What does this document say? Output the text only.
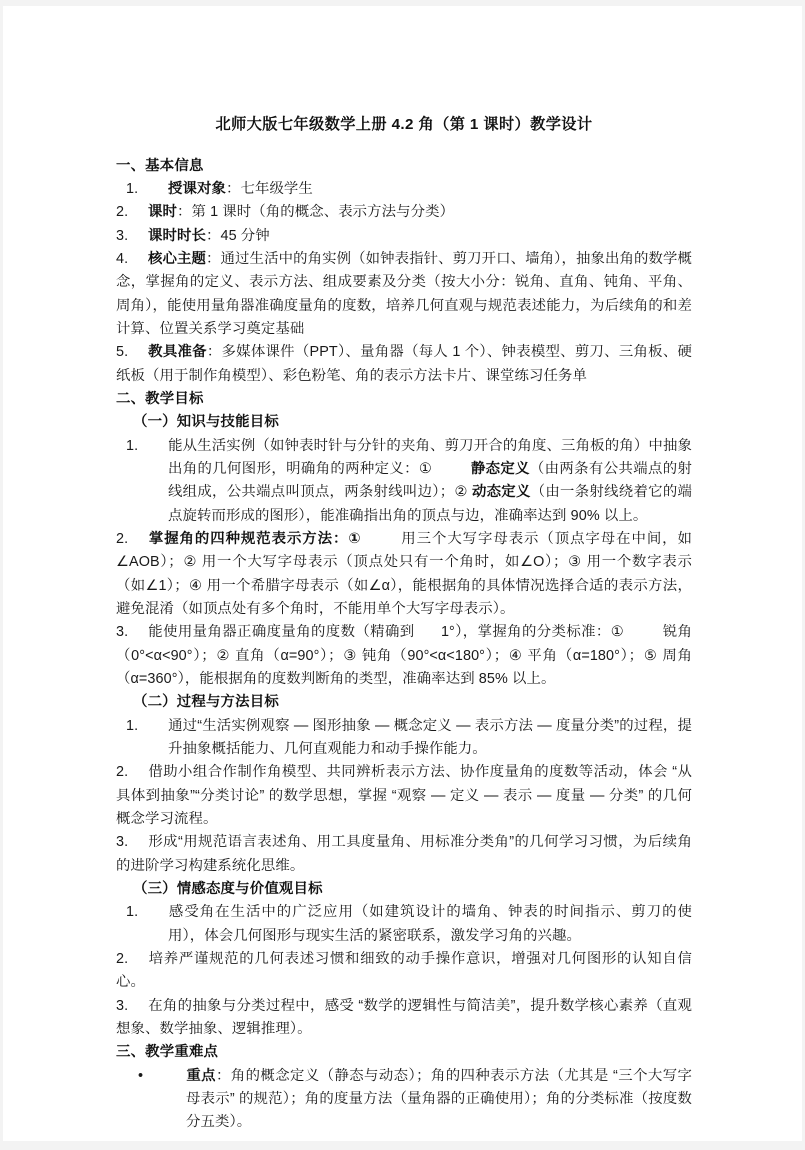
北师大版七年级数学上册 4.2 角（第 1 课时）教学设计
一、基本信息

1. 授课对象：七年级学生

2. 课时：第 1 课时（角的概念、表示方法与分类）

3. 课时时长：45 分钟

4. 核心主题：通过生活中的角实例（如钟表指针、剪刀开口、墙角），抽象出角的数学概念，掌握角的定义、表示方法、组成要素及分类（按大小分：锐角、直角、钝角、平角、周角），能使用量角器准确度量角的度数，培养几何直观与规范表述能力，为后续角的和差计算、位置关系学习奠定基础

5. 教具准备：多媒体课件（PPT）、量角器（每人 1 个）、钟表模型、剪刀、三角板、硬纸板（用于制作角模型）、彩色粉笔、角的表示方法卡片、课堂练习任务单

二、教学目标
（一）知识与技能目标

1. 能从生活实例（如钟表时针与分针的夹角、剪刀开合的角度、三角板的角）中抽象出角的几何图形，明确角的两种定义：① 静态定义（由两条有公共端点的射线组成，公共端点叫顶点，两条射线叫边）；② 动态定义（由一条射线绕着它的端点旋转而形成的图形），能准确指出角的顶点与边，准确率达到 90% 以上。

2. 掌握角的四种规范表示方法：① 用三个大写字母表示（顶点字母在中间，如∠AOB）；② 用一个大写字母表示（顶点处只有一个角时，如∠O）；③ 用一个数字表示（如∠1）；④ 用一个希腊字母表示（如∠α），能根据角的具体情况选择合适的表示方法，避免混淆（如顶点处有多个角时，不能用单个大写字母表示）。

3. 能使用量角器正确度量角的度数（精确到 1°），掌握角的分类标准：① 锐角（0°<α<90°）；② 直角（α=90°）；③ 钝角（90°<α<180°）；④ 平角（α=180°）；⑤ 周角（α=360°），能根据角的度数判断角的类型，准确率达到 85% 以上。

（二）过程与方法目标

1. 通过“生活实例观察 — 图形抽象 — 概念定义 — 表示方法 — 度量分类”的过程，提升抽象概括能力、几何直观能力和动手操作能力。

2. 借助小组合作制作角模型、共同辨析表示方法、协作度量角的度数等活动，体会 “从具体到抽象”“分类讨论” 的数学思想，掌握 “观察 — 定义 — 表示 — 度量 — 分类” 的几何概念学习流程。

3. 形成“用规范语言表述角、用工具度量角、用标准分类角”的几何学习习惯，为后续角的进阶学习构建系统化思维。

（三）情感态度与价值观目标

1. 感受角在生活中的广泛应用（如建筑设计的墙角、钟表的时间指示、剪刀的使用），体会几何图形与现实生活的紧密联系，激发学习角的兴趣。

2. 培养严谨规范的几何表述习惯和细致的动手操作意识，增强对几何图形的认知自信心。

3. 在角的抽象与分类过程中，感受 “数学的逻辑性与简洁美”，提升数学核心素养（直观想象、数学抽象、逻辑推理）。

三、教学重难点

•	重点：角的概念定义（静态与动态）；角的四种表示方法（尤其是 “三个大写字母表示” 的规范）；角的度量方法（量角器的正确使用）；角的分类标准（按度数分五类）。
